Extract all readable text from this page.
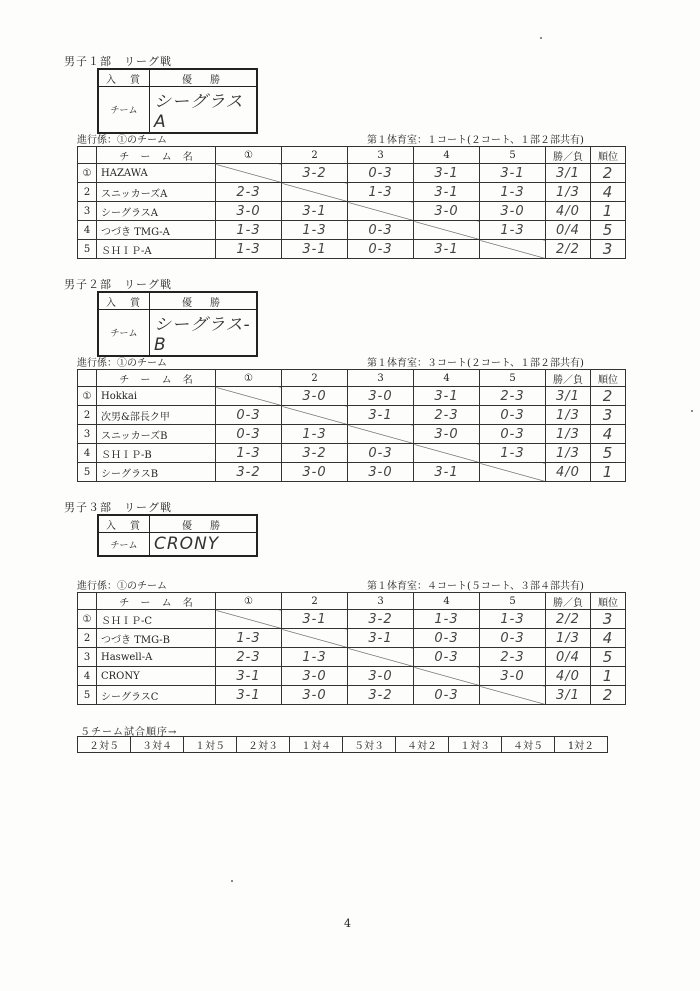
男子１部　リーグ戦
入　賞	優　勝
チーム	シーグラスA
進行係：①のチーム	第１体育室：１コート(２コート、１部２部共有)
	チ ー ム 名	①	2	3	4	5	勝／負	順位
①	HAZAWA		3-2	0-3	3-1	3-1	3/1	2
2	スニッカーズA	2-3		1-3	3-1	1-3	1/3	4
3	シーグラスA	3-0	3-1		3-0	3-0	4/0	1
4	つづき TMG-A	1-3	1-3	0-3		1-3	0/4	5
5	ＳＨＩＰ-A	1-3	3-1	0-3	3-1		2/2	3
男子２部　リーグ戦
入　賞	優　勝
チーム	シーグラス-B
進行係：①のチーム	第１体育室：３コート(２コート、１部２部共有)
	チ ー ム 名	①	2	3	4	5	勝／負	順位
①	Hokkai		3-0	3-0	3-1	2-3	3/1	2
2	次男&部長ク甲	0-3		3-1	2-3	0-3	1/3	3
3	スニッカーズB	0-3	1-3		3-0	0-3	1/3	4
4	ＳＨＩＰ-B	1-3	3-2	0-3		1-3	1/3	5
5	シーグラスB	3-2	3-0	3-0	3-1		4/0	1
男子３部　リーグ戦
入　賞	優　勝
チーム	CRONY
進行係：①のチーム	第１体育室：４コート(５コート、３部４部共有)
	チ ー ム 名	①	2	3	4	5	勝／負	順位
①	ＳＨＩＰ-C		3-1	3-2	1-3	1-3	2/2	3
2	つづき TMG-B	1-3		3-1	0-3	0-3	1/3	4
3	Haswell-A	2-3	1-3		0-3	2-3	0/4	5
4	CRONY	3-1	3-0	3-0		3-0	4/0	1
5	シーグラスC	3-1	3-0	3-2	0-3		3/1	2
５チーム試合順序→
２対５	３対４	１対５	２対３	１対４	５対３	４対２	１対３	４対５	1対２
4
